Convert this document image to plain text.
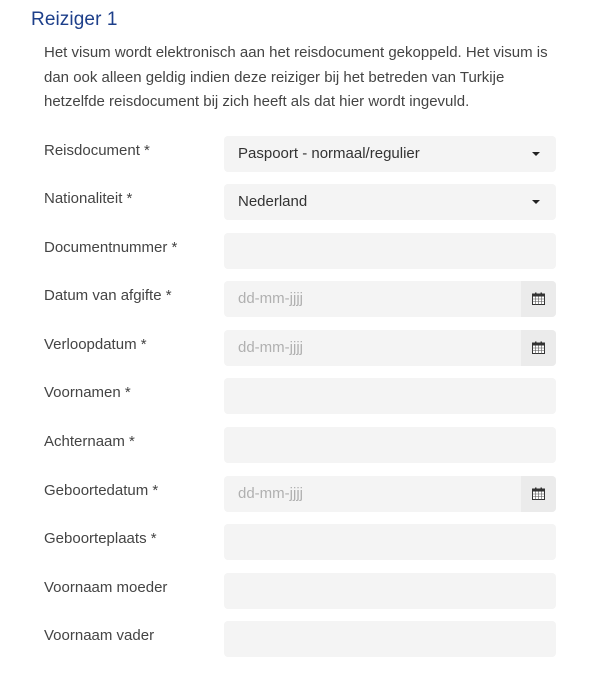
Reiziger 1

Het visum wordt elektronisch aan het reisdocument gekoppeld. Het visum is dan ook alleen geldig indien deze reiziger bij het betreden van Turkije hetzelfde reisdocument bij zich heeft als dat hier wordt ingevuld.

Reisdocument *	Paspoort - normaal/regulier
Nationaliteit *	Nederland
Documentnummer *
Datum van afgifte *	dd-mm-jjjj
Verloopdatum *	dd-mm-jjjj
Voornamen *
Achternaam *
Geboortedatum *	dd-mm-jjjj
Geboorteplaats *
Voornaam moeder
Voornaam vader
